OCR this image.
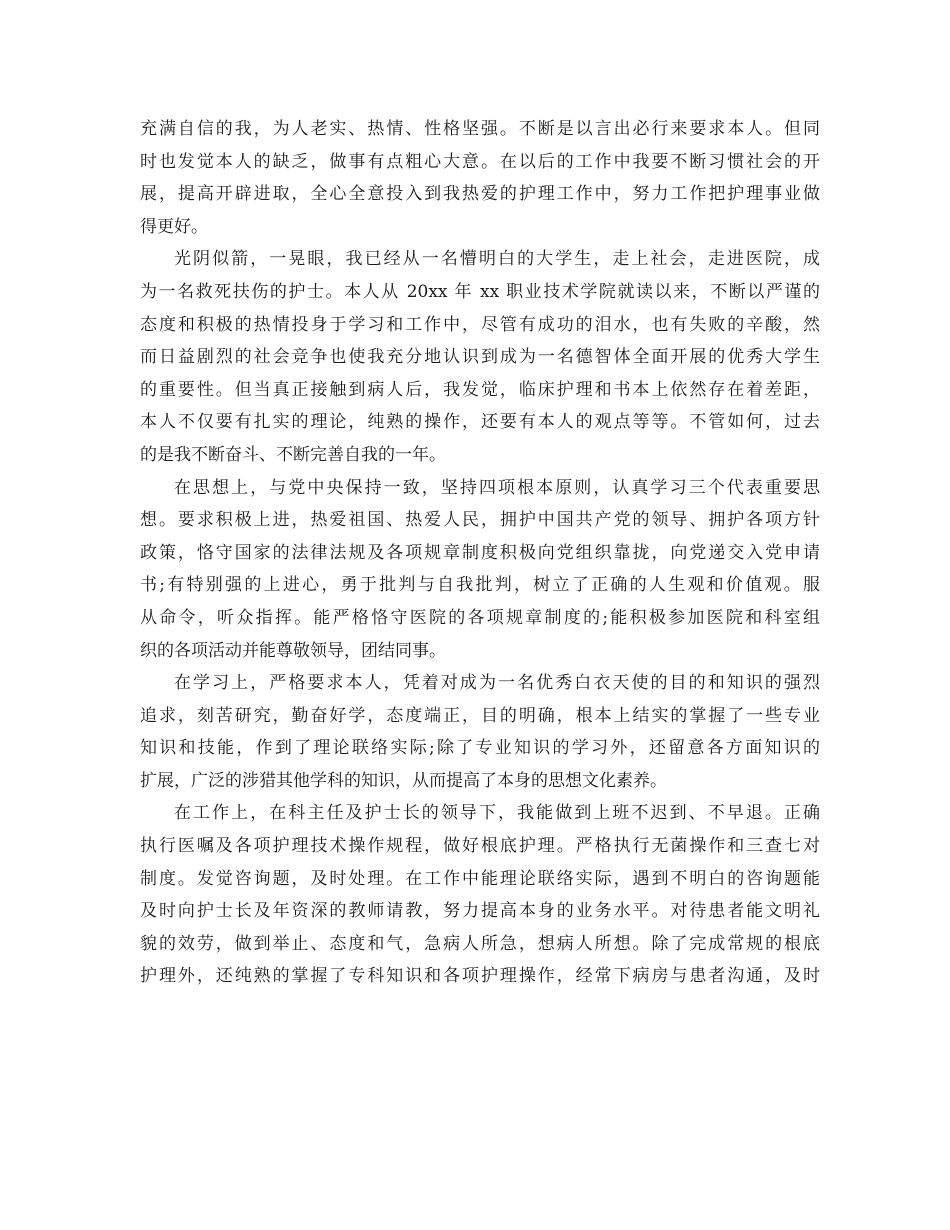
充满自信的我，为人老实、热情、性格坚强。不断是以言出必行来要求本人。但同
时也发觉本人的缺乏，做事有点粗心大意。在以后的工作中我要不断习惯社会的开
展，提高开辟进取，全心全意投入到我热爱的护理工作中，努力工作把护理事业做
得更好。
光阴似箭，一晃眼，我已经从一名懵明白的大学生，走上社会，走进医院，成
为一名救死扶伤的护士。本人从 20xx 年 xx 职业技术学院就读以来，不断以严谨的
态度和积极的热情投身于学习和工作中，尽管有成功的泪水，也有失败的辛酸，然
而日益剧烈的社会竞争也使我充分地认识到成为一名德智体全面开展的优秀大学生
的重要性。但当真正接触到病人后，我发觉，临床护理和书本上依然存在着差距，
本人不仅要有扎实的理论，纯熟的操作，还要有本人的观点等等。不管如何，过去
的是我不断奋斗、不断完善自我的一年。
在思想上，与党中央保持一致，坚持四项根本原则，认真学习三个代表重要思
想。要求积极上进，热爱祖国、热爱人民，拥护中国共产党的领导、拥护各项方针
政策，恪守国家的法律法规及各项规章制度积极向党组织靠拢，向党递交入党申请
书;有特别强的上进心，勇于批判与自我批判，树立了正确的人生观和价值观。服
从命令，听众指挥。能严格恪守医院的各项规章制度的;能积极参加医院和科室组
织的各项活动并能尊敬领导，团结同事。
在学习上，严格要求本人，凭着对成为一名优秀白衣天使的目的和知识的强烈
追求，刻苦研究，勤奋好学，态度端正，目的明确，根本上结实的掌握了一些专业
知识和技能，作到了理论联络实际;除了专业知识的学习外，还留意各方面知识的
扩展，广泛的涉猎其他学科的知识，从而提高了本身的思想文化素养。
在工作上，在科主任及护士长的领导下，我能做到上班不迟到、不早退。正确
执行医嘱及各项护理技术操作规程，做好根底护理。严格执行无菌操作和三查七对
制度。发觉咨询题，及时处理。在工作中能理论联络实际，遇到不明白的咨询题能
及时向护士长及年资深的教师请教，努力提高本身的业务水平。对待患者能文明礼
貌的效劳，做到举止、态度和气，急病人所急，想病人所想。除了完成常规的根底
护理外，还纯熟的掌握了专科知识和各项护理操作，经常下病房与患者沟通，及时
